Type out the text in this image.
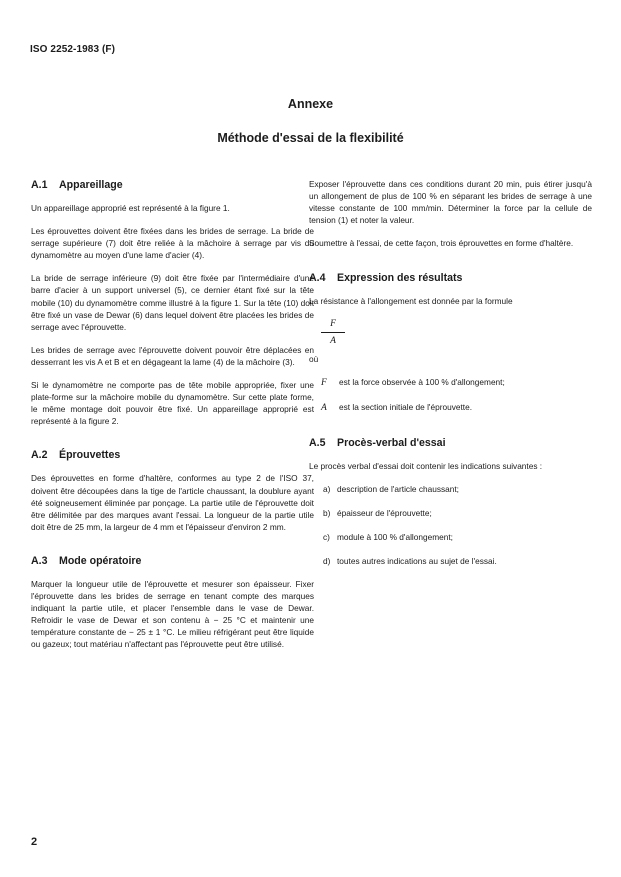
ISO 2252-1983 (F)
Annexe
Méthode d'essai de la flexibilité
A.1 Appareillage

Un appareillage approprié est représenté à la figure 1.

Les éprouvettes doivent être fixées dans les brides de serrage. La bride de serrage supérieure (7) doit être reliée à la mâchoire à serrage par vis du dynamomètre au moyen d'une lame d'acier (4).

La bride de serrage inférieure (9) doit être fixée par l'intermédiaire d'une barre d'acier à un support universel (5), ce dernier étant fixé sur la tête mobile (10) du dynamomètre comme illustré à la figure 1. Sur la tête (10) doit être fixé un vase de Dewar (6) dans lequel doivent être placées les brides de serrage avec l'éprouvette.

Les brides de serrage avec l'éprouvette doivent pouvoir être déplacées en desserrant les vis A et B et en dégageant la lame (4) de la mâchoire (3).

Si le dynamomètre ne comporte pas de tête mobile appropriée, fixer une plate-forme sur la mâchoire mobile du dynamomètre. Sur cette plate forme, le même montage doit pouvoir être fixé. Un appareillage approprié est représenté à la figure 2.

A.2 Éprouvettes

Des éprouvettes en forme d'haltère, conformes au type 2 de l'ISO 37, doivent être découpées dans la tige de l'article chaussant, la doublure ayant été soigneusement éliminée par ponçage. La partie utile de l'éprouvette doit être délimitée par des marques avant l'essai. La longueur de la partie utile doit être de 25 mm, la largeur de 4 mm et l'épaisseur d'environ 2 mm.

A.3 Mode opératoire

Marquer la longueur utile de l'éprouvette et mesurer son épaisseur. Fixer l'éprouvette dans les brides de serrage en tenant compte des marques indiquant la partie utile, et placer l'ensemble dans le vase de Dewar. Refroidir le vase de Dewar et son contenu à − 25 °C et maintenir une température constante de − 25 ± 1 °C. Le milieu réfrigérant peut être liquide ou gazeux; tout matériau n'affectant pas l'éprouvette peut être utilisé.

Exposer l'éprouvette dans ces conditions durant 20 min, puis étirer jusqu'à un allongement de plus de 100 % en séparant les brides de serrage à une vitesse constante de 100 mm/min. Déterminer la force par la cellule de tension (1) et noter la valeur.

Soumettre à l'essai, de cette façon, trois éprouvettes en forme d'haltère.

A.4 Expression des résultats

La résistance à l'allongement est donnée par la formule

F
A

où

F est la force observée à 100 % d'allongement;
A est la section initiale de l'éprouvette.
A.5 Procès-verbal d'essai

Le procès verbal d'essai doit contenir les indications suivantes :

a) description de l'article chaussant;
b) épaisseur de l'éprouvette;
c) module à 100 % d'allongement;
d) toutes autres indications au sujet de l'essai.
2
